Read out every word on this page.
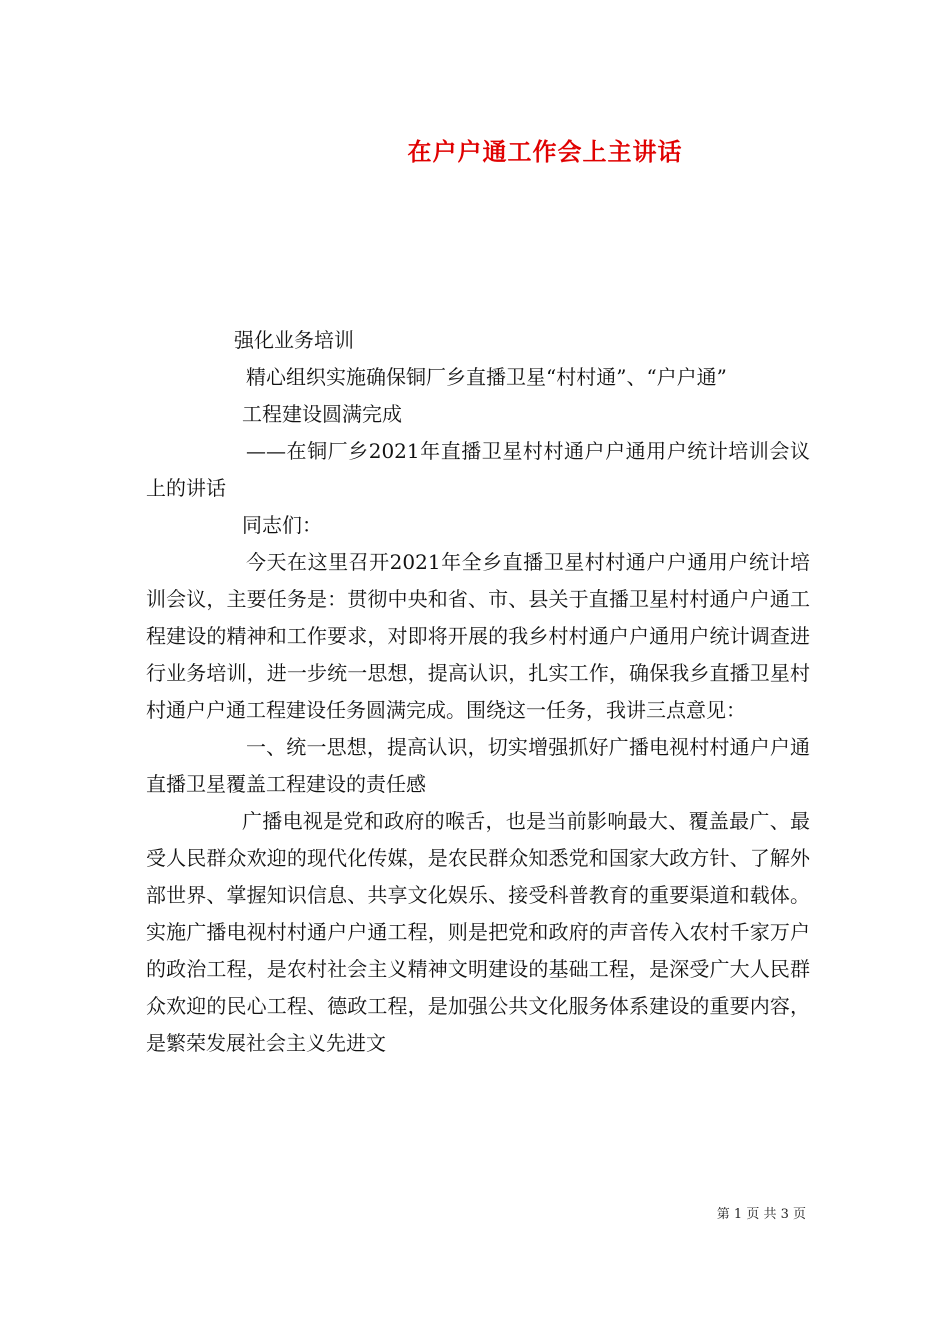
在户户通工作会上主讲话

强化业务培训

精心组织实施确保铜厂乡直播卫星“村村通”、“户户通”

工程建设圆满完成

——在铜厂乡2021年直播卫星村村通户户通用户统计培训会议上的讲话

同志们：

今天在这里召开2021年全乡直播卫星村村通户户通用户统计培训会议，主要任务是：贯彻中央和省、市、县关于直播卫星村村通户户通工程建设的精神和工作要求，对即将开展的我乡村村通户户通用户统计调查进行业务培训，进一步统一思想，提高认识，扎实工作，确保我乡直播卫星村村通户户通工程建设任务圆满完成。围绕这一任务，我讲三点意见：

一、统一思想，提高认识，切实增强抓好广播电视村村通户户通直播卫星覆盖工程建设的责任感

广播电视是党和政府的喉舌，也是当前影响最大、覆盖最广、最受人民群众欢迎的现代化传媒，是农民群众知悉党和国家大政方针、了解外部世界、掌握知识信息、共享文化娱乐、接受科普教育的重要渠道和载体。实施广播电视村村通户户通工程，则是把党和政府的声音传入农村千家万户的政治工程，是农村社会主义精神文明建设的基础工程，是深受广大人民群众欢迎的民心工程、德政工程，是加强公共文化服务体系建设的重要内容，是繁荣发展社会主义先进文

第 1 页 共 3 页
